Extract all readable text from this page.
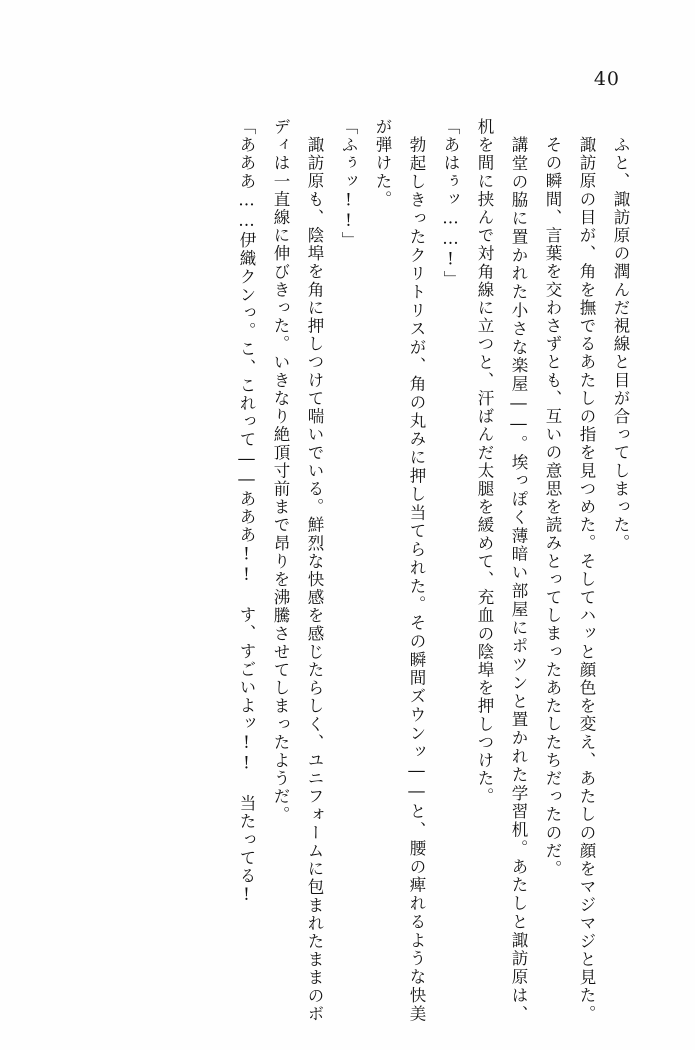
40

ふと、諏訪原の潤んだ視線と目が合ってしまった。

諏訪原の目が、角を撫でるあたしの指を見つめた。そしてハッと顔色を変え、あたしの顔をマジマジと見た。

その瞬間、言葉を交わさずとも、互いの意思を読みとってしまったあたしたちだったのだ。

講堂の脇に置かれた小さな楽屋――。埃っぽく薄暗い部屋にポツンと置かれた学習机。あたしと諏訪原は、机を間に挟んで対角線に立つと、汗ばんだ太腿を緩めて、充血の陰埠を押しつけた。

「あはぅッ……!」

勃起しきったクリトリスが、角の丸みに押し当てられた。その瞬間ズウンッ――と、腰の痺れるような快美が弾けた。

「ふぅッ!!」

諏訪原も、陰埠を角に押しつけて喘いでいる。鮮烈な快感を感じたらしく、ユニフォームに包まれたままのボディは一直線に伸びきった。いきなり絶頂寸前まで昂りを沸騰させてしまったようだ。

「あああ……伊織クンっ。こ、これって――あああ!! す、すごいよッ!! 当たってる!
